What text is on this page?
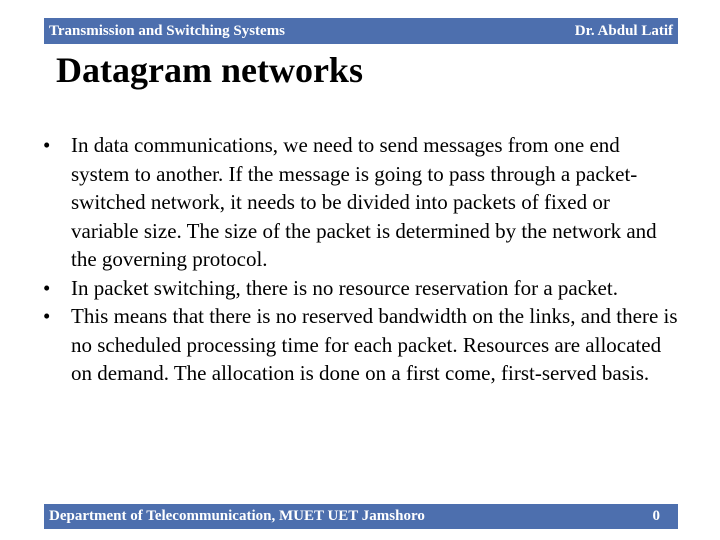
Transmission and Switching Systems	Dr. Abdul Latif
Datagram networks
• In data communications, we need to send messages from one end system to another. If the message is going to pass through a packet-switched network, it needs to be divided into packets of fixed or variable size. The size of the packet is determined by the network and the governing protocol.
• In packet switching, there is no resource reservation for a packet.
• This means that there is no reserved bandwidth on the links, and there is no scheduled processing time for each packet. Resources are allocated on demand. The allocation is done on a first come, first-served basis.
Department of Telecommunication, MUET UET Jamshoro	0
